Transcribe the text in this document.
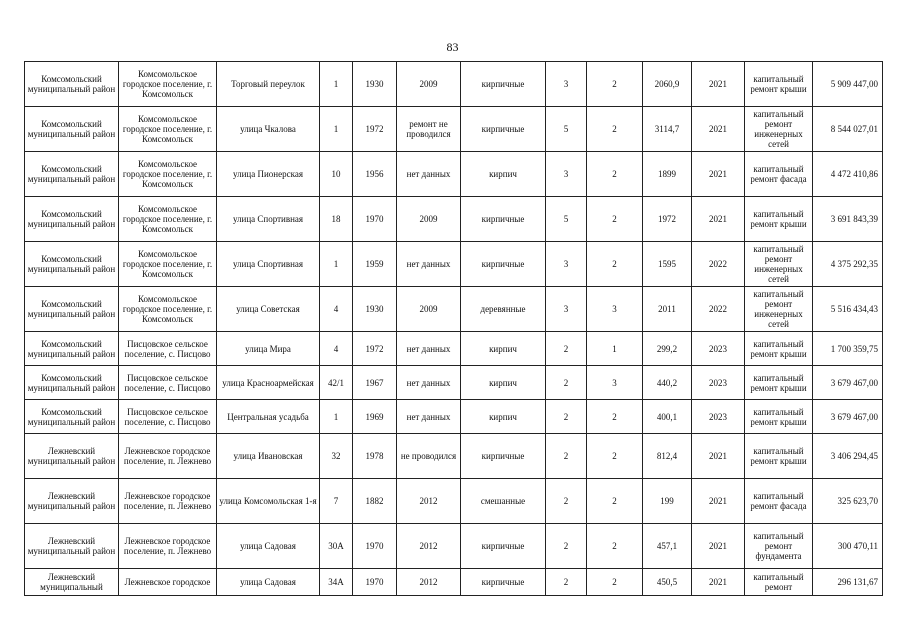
83
Комсомольский муниципальный район	Комсомольское городское поселение, г. Комсомольск	Торговый переулок	1	1930	2009	кирпичные	3	2	2060,9	2021	капитальный ремонт крыши	5 909 447,00
Комсомольский муниципальный район	Комсомольское городское поселение, г. Комсомольск	улица Чкалова	1	1972	ремонт не проводился	кирпичные	5	2	3114,7	2021	капитальный ремонт инженерных сетей	8 544 027,01
Комсомольский муниципальный район	Комсомольское городское поселение, г. Комсомольск	улица Пионерская	10	1956	нет данных	кирпич	3	2	1899	2021	капитальный ремонт фасада	4 472 410,86
Комсомольский муниципальный район	Комсомольское городское поселение, г. Комсомольск	улица Спортивная	18	1970	2009	кирпичные	5	2	1972	2021	капитальный ремонт крыши	3 691 843,39
Комсомольский муниципальный район	Комсомольское городское поселение, г. Комсомольск	улица Спортивная	1	1959	нет данных	кирпичные	3	2	1595	2022	капитальный ремонт инженерных сетей	4 375 292,35
Комсомольский муниципальный район	Комсомольское городское поселение, г. Комсомольск	улица Советская	4	1930	2009	деревянные	3	3	2011	2022	капитальный ремонт инженерных сетей	5 516 434,43
Комсомольский муниципальный район	Писцовское сельское поселение, с. Писцово	улица Мира	4	1972	нет данных	кирпич	2	1	299,2	2023	капитальный ремонт крыши	1 700 359,75
Комсомольский муниципальный район	Писцовское сельское поселение, с. Писцово	улица Красноармейская	42/1	1967	нет данных	кирпич	2	3	440,2	2023	капитальный ремонт крыши	3 679 467,00
Комсомольский муниципальный район	Писцовское сельское поселение, с. Писцово	Центральная усадьба	1	1969	нет данных	кирпич	2	2	400,1	2023	капитальный ремонт крыши	3 679 467,00
Лежневский муниципальный район	Лежневское городское поселение, п. Лежнево	улица Ивановская	32	1978	не проводился	кирпичные	2	2	812,4	2021	капитальный ремонт крыши	3 406 294,45
Лежневский муниципальный район	Лежневское городское поселение, п. Лежнево	улица Комсомольская 1-я	7	1882	2012	смешанные	2	2	199	2021	капитальный ремонт фасада	325 623,70
Лежневский муниципальный район	Лежневское городское поселение, п. Лежнево	улица Садовая	30А	1970	2012	кирпичные	2	2	457,1	2021	капитальный ремонт фундамента	300 470,11
Лежневский муниципальный	Лежневское городское	улица Садовая	34А	1970	2012	кирпичные	2	2	450,5	2021	капитальный ремонт	296 131,67
